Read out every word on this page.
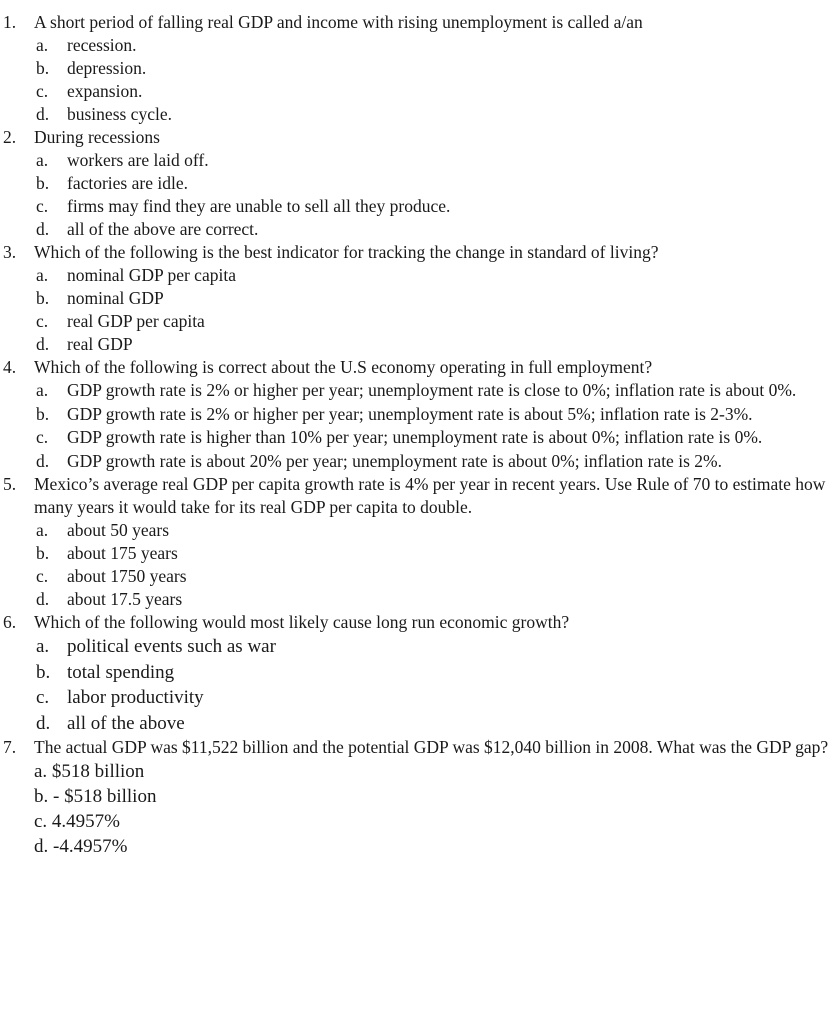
1.	A short period of falling real GDP and income with rising unemployment is called a/an
a. recession.
b. depression.
c. expansion.
d. business cycle.
2.	During recessions
a. workers are laid off.
b. factories are idle.
c. firms may find they are unable to sell all they produce.
d. all of the above are correct.
3.	Which of the following is the best indicator for tracking the change in standard of living?
a. nominal GDP per capita
b. nominal GDP
c. real GDP per capita
d. real GDP
4.	Which of the following is correct about the U.S economy operating in full employment?
a. GDP growth rate is 2% or higher per year; unemployment rate is close to 0%; inflation rate is about 0%.
b. GDP growth rate is 2% or higher per year; unemployment rate is about 5%; inflation rate is 2-3%.
c. GDP growth rate is higher than 10% per year; unemployment rate is about 0%; inflation rate is 0%.
d. GDP growth rate is about 20% per year; unemployment rate is about 0%; inflation rate is 2%.
5.	Mexico’s average real GDP per capita growth rate is 4% per year in recent years. Use Rule of 70 to estimate how many years it would take for its real GDP per capita to double.
a. about 50 years
b. about 175 years
c. about 1750 years
d. about 17.5 years
6.	Which of the following would most likely cause long run economic growth?
a. political events such as war
b. total spending
c. labor productivity
d. all of the above
7.	The actual GDP was $11,522 billion and the potential GDP was $12,040 billion in 2008. What was the GDP gap?
a. $518 billion
b. - $518 billion
c. 4.4957%
d. -4.4957%
